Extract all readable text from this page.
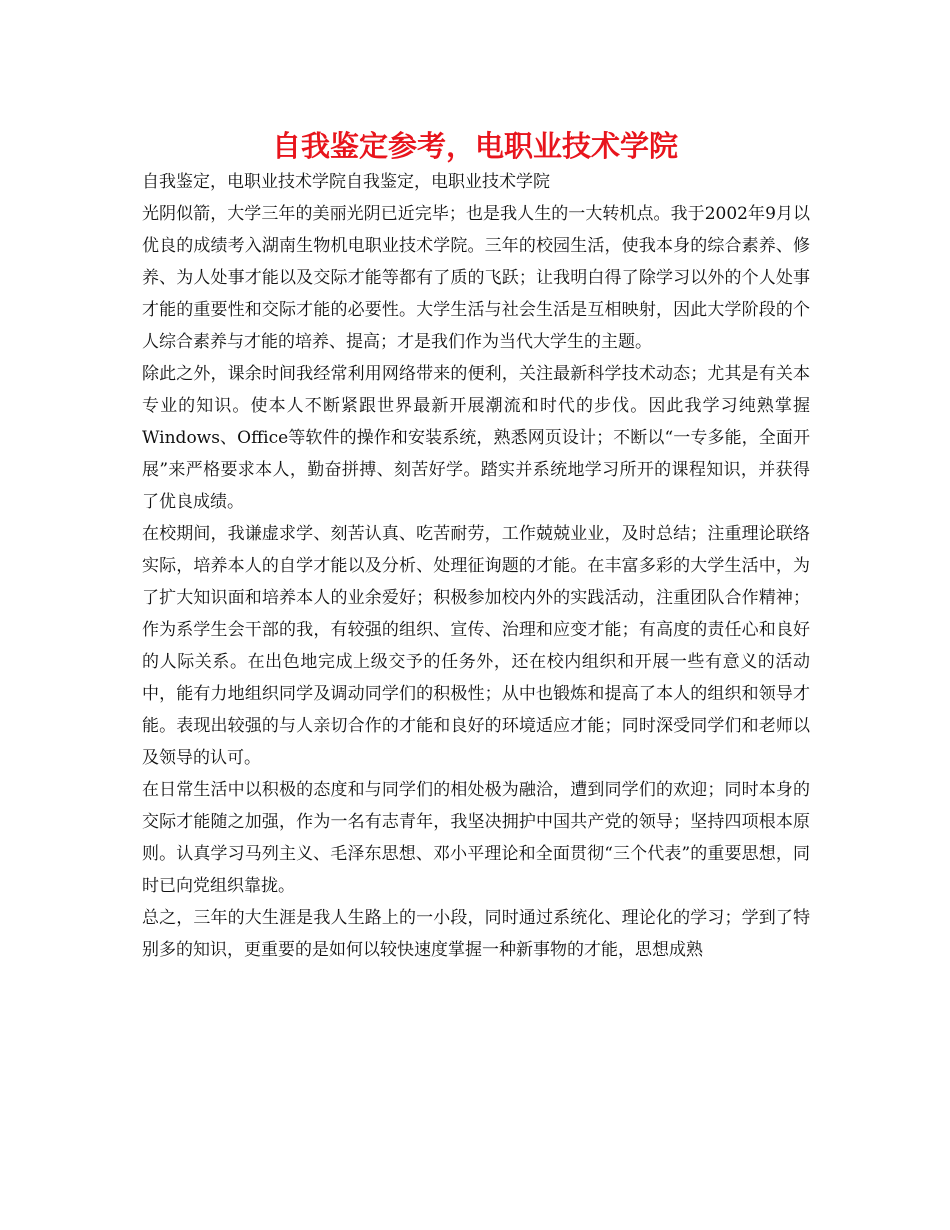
自我鉴定参考，电职业技术学院

自我鉴定，电职业技术学院自我鉴定，电职业技术学院

光阴似箭，大学三年的美丽光阴已近完毕；也是我人生的一大转机点。我于2002年9月以优良的成绩考入湖南生物机电职业技术学院。三年的校园生活，使我本身的综合素养、修养、为人处事才能以及交际才能等都有了质的飞跃；让我明白得了除学习以外的个人处事才能的重要性和交际才能的必要性。大学生活与社会生活是互相映射，因此大学阶段的个人综合素养与才能的培养、提高；才是我们作为当代大学生的主题。

除此之外，课余时间我经常利用网络带来的便利，关注最新科学技术动态；尤其是有关本专业的知识。使本人不断紧跟世界最新开展潮流和时代的步伐。因此我学习纯熟掌握Windows、Office等软件的操作和安装系统，熟悉网页设计；不断以“一专多能，全面开展”来严格要求本人，勤奋拼搏、刻苦好学。踏实并系统地学习所开的课程知识，并获得了优良成绩。

在校期间，我谦虚求学、刻苦认真、吃苦耐劳，工作兢兢业业，及时总结；注重理论联络实际，培养本人的自学才能以及分析、处理征询题的才能。在丰富多彩的大学生活中，为了扩大知识面和培养本人的业余爱好；积极参加校内外的实践活动，注重团队合作精神；作为系学生会干部的我，有较强的组织、宣传、治理和应变才能；有高度的责任心和良好的人际关系。在出色地完成上级交予的任务外，还在校内组织和开展一些有意义的活动中，能有力地组织同学及调动同学们的积极性；从中也锻炼和提高了本人的组织和领导才能。表现出较强的与人亲切合作的才能和良好的环境适应才能；同时深受同学们和老师以及领导的认可。

在日常生活中以积极的态度和与同学们的相处极为融洽，遭到同学们的欢迎；同时本身的交际才能随之加强，作为一名有志青年，我坚决拥护中国共产党的领导；坚持四项根本原则。认真学习马列主义、毛泽东思想、邓小平理论和全面贯彻“三个代表”的重要思想，同时已向党组织靠拢。

总之，三年的大生涯是我人生路上的一小段，同时通过系统化、理论化的学习；学到了特别多的知识，更重要的是如何以较快速度掌握一种新事物的才能，思想成熟
